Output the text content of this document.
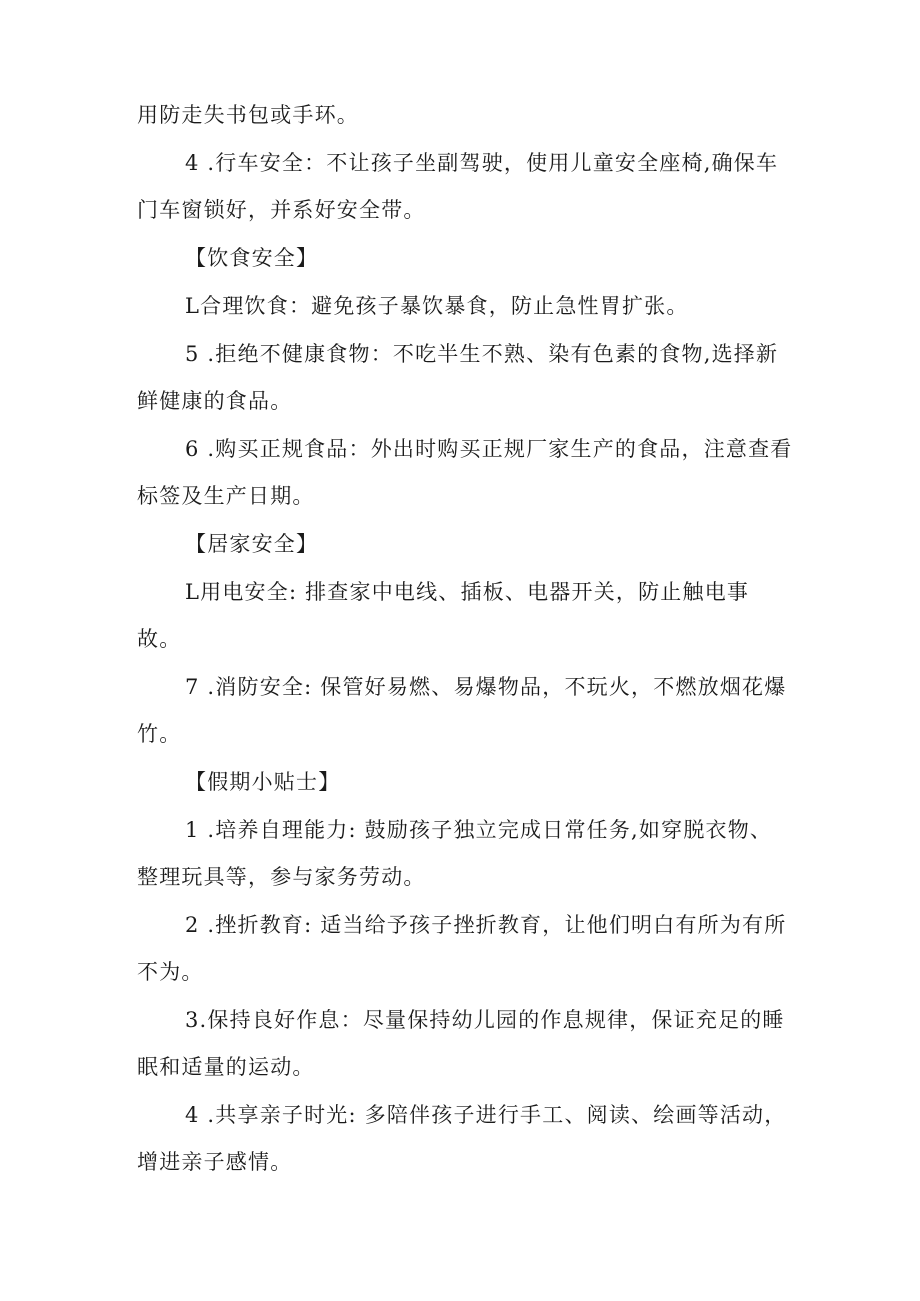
用防走失书包或手环。

4 .行车安全：不让孩子坐副驾驶，使用儿童安全座椅,确保车门车窗锁好，并系好安全带。

【饮食安全】

L合理饮食：避免孩子暴饮暴食，防止急性胃扩张。

5 .拒绝不健康食物：不吃半生不熟、染有色素的食物,选择新鲜健康的食品。

6 .购买正规食品：外出时购买正规厂家生产的食品，注意查看标签及生产日期。

【居家安全】

L用电安全: 排查家中电线、插板、电器开关，防止触电事故。

7 .消防安全: 保管好易燃、易爆物品，不玩火，不燃放烟花爆竹。

【假期小贴士】

1 .培养自理能力: 鼓励孩子独立完成日常任务,如穿脱衣物、整理玩具等，参与家务劳动。

2 .挫折教育: 适当给予孩子挫折教育，让他们明白有所为有所不为。

3.保持良好作息：尽量保持幼儿园的作息规律，保证充足的睡眠和适量的运动。

4 .共享亲子时光: 多陪伴孩子进行手工、阅读、绘画等活动，增进亲子感情。
